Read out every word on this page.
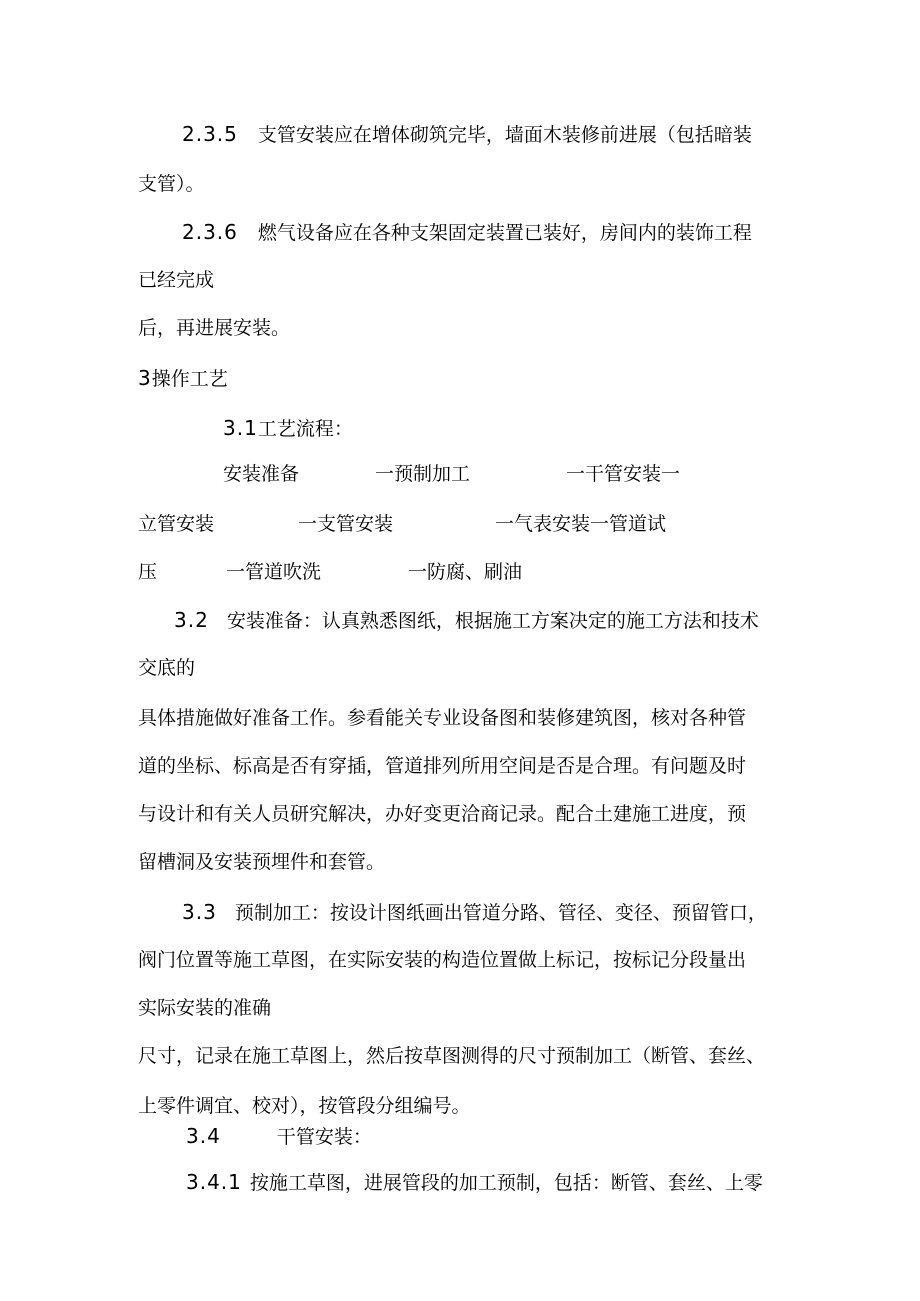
2.3.5 支管安装应在增体砌筑完毕，墙面木装修前进展（包括暗装
支管）。
2.3.6 燃气设备应在各种支架固定装置已装好，房间内的装饰工程
已经完成
后，再进展安装。
3操作工艺
3.1工艺流程：
安装准备	一预制加工	一干管安装一
立管安装	一支管安装	一气表安装一管道试
压	一管道吹洗	一防腐、刷油
3.2 安装准备：认真熟悉图纸，根据施工方案决定的施工方法和技术
交底的
具体措施做好准备工作。参看能关专业设备图和装修建筑图，核对各种管
道的坐标、标高是否有穿插，管道排列所用空间是否是合理。有问题及时
与设计和有关人员研究解决，办好变更洽商记录。配合土建施工进度，预
留槽洞及安装预埋件和套管。
3.3 预制加工：按设计图纸画出管道分路、管径、变径、预留管口，
阀门位置等施工草图，在实际安装的构造位置做上标记，按标记分段量出
实际安装的准确
尺寸，记录在施工草图上，然后按草图测得的尺寸预制加工（断管、套丝、
上零件调宜、校对），按管段分组编号。
3.4	干管安装：
3.4.1 按施工草图，进展管段的加工预制，包括：断管、套丝、上零
